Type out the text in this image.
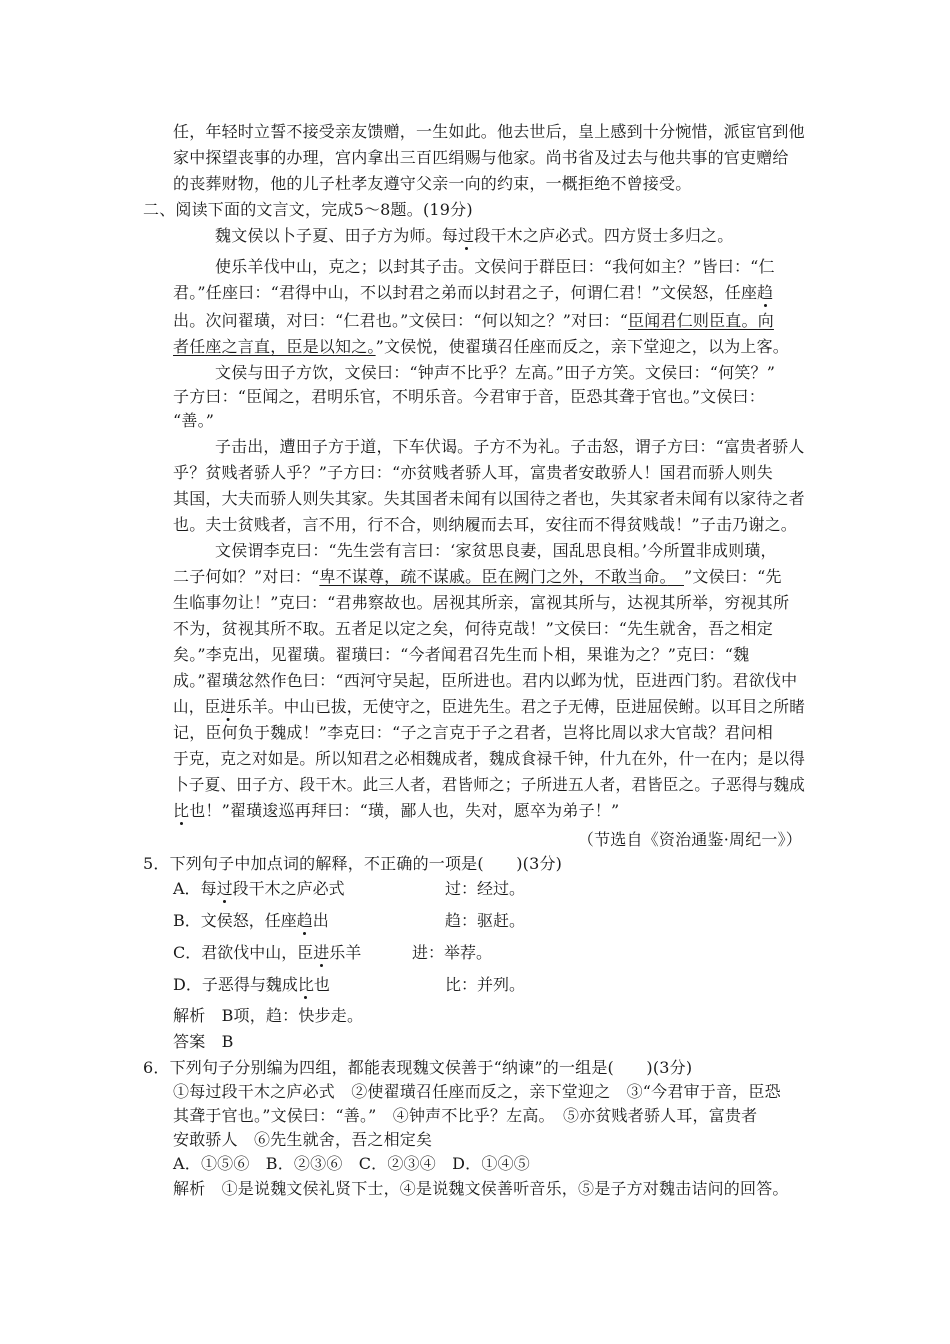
任，年轻时立誓不接受亲友馈赠，一生如此。他去世后，皇上感到十分惋惜，派宦官到他
家中探望丧事的办理，宫内拿出三百匹绢赐与他家。尚书省及过去与他共事的官吏赠给
的丧葬财物，他的儿子杜孝友遵守父亲一向的约束，一概拒绝不曾接受。
二、阅读下面的文言文，完成5～8题。(19分)
魏文侯以卜子夏、田子方为师。每过段干木之庐必式。四方贤士多归之。
使乐羊伐中山，克之；以封其子击。文侯问于群臣曰：“我何如主？”皆曰：“仁
君。”任座曰：“君得中山，不以封君之弟而以封君之子，何谓仁君！”文侯怒，任座趋
出。次问翟璜，对曰：“仁君也。”文侯曰：“何以知之？”对曰：“臣闻君仁则臣直。向
者任座之言直，臣是以知之。”文侯悦，使翟璜召任座而反之，亲下堂迎之，以为上客。
文侯与田子方饮，文侯曰：“钟声不比乎？左高。”田子方笑。文侯曰：“何笑？”
子方曰：“臣闻之，君明乐官，不明乐音。今君审于音，臣恐其聋于官也。”文侯曰：
“善。”
子击出，遭田子方于道，下车伏谒。子方不为礼。子击怒，谓子方曰：“富贵者骄人
乎？贫贱者骄人乎？”子方曰：“亦贫贱者骄人耳，富贵者安敢骄人！国君而骄人则失
其国，大夫而骄人则失其家。失其国者未闻有以国待之者也，失其家者未闻有以家待之者
也。夫士贫贱者，言不用，行不合，则纳履而去耳，安往而不得贫贱哉！”子击乃谢之。
文侯谓李克曰：“先生尝有言曰：‘家贫思良妻，国乱思良相。’今所置非成则璜，
二子何如？”对曰：“卑不谋尊，疏不谋戚。臣在阙门之外，不敢当命。　 ”文侯曰：“先
生临事勿让！”克曰：“君弗察故也。居视其所亲，富视其所与，达视其所举，穷视其所
不为，贫视其所不取。五者足以定之矣，何待克哉！”文侯曰：“先生就舍，吾之相定
矣。”李克出，见翟璜。翟璜曰：“今者闻君召先生而卜相，果谁为之？”克曰：“魏
成。”翟璜忿然作色曰：“西河守吴起，臣所进也。君内以邺为忧，臣进西门豹。君欲伐中
山，臣进乐羊。中山已拔，无使守之，臣进先生。君之子无傅，臣进屈侯鲋。以耳目之所睹
记，臣何负于魏成！”李克曰：“子之言克于子之君者，岂将比周以求大官哉？君问相
于克，克之对如是。所以知君之必相魏成者，魏成食禄千钟，什九在外，什一在内；是以得
卜子夏、田子方、段干木。此三人者，君皆师之；子所进五人者，君皆臣之。子恶得与魏成
比也！”翟璜逡巡再拜曰：“璜，鄙人也，失对，愿卒为弟子！”
（节选自《资治通鉴·周纪一》）
5．下列句子中加点词的解释，不正确的一项是(　　)(3分)
A．每过段干木之庐必式	过：经过。
B．文侯怒，任座趋出	趋：驱赶。
C．君欲伐中山，臣进乐羊	进：举荐。
D．子恶得与魏成比也	比：并列。
解析　B项，趋：快步走。
答案　B
6．下列句子分别编为四组，都能表现魏文侯善于“纳谏”的一组是(　　)(3分)
①每过段干木之庐必式　②使翟璜召任座而反之，亲下堂迎之　③“今君审于音，臣恐
其聋于官也。”文侯曰：“善。”　④钟声不比乎？左高。　⑤亦贫贱者骄人耳，富贵者
安敢骄人　⑥先生就舍，吾之相定矣
A．①⑤⑥　B．②③⑥　C．②③④　D．①④⑤
解析　①是说魏文侯礼贤下士，④是说魏文侯善听音乐，⑤是子方对魏击诘问的回答。
